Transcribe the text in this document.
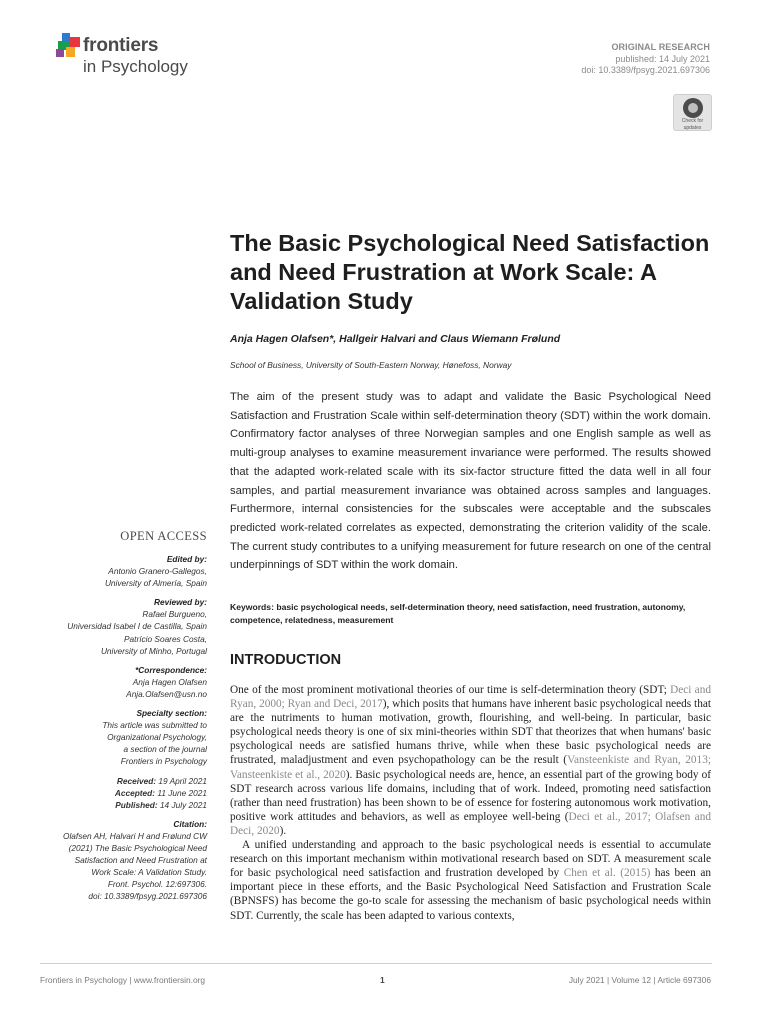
frontiers
in Psychology
ORIGINAL RESEARCH
published: 14 July 2021
doi: 10.3389/fpsyg.2021.697306
Check for
updates
The Basic Psychological Need Satisfaction and Need Frustration at Work Scale: A Validation Study
Anja Hagen Olafsen*, Hallgeir Halvari and Claus Wiemann Frølund
School of Business, University of South-Eastern Norway, Hønefoss, Norway
The aim of the present study was to adapt and validate the Basic Psychological Need Satisfaction and Frustration Scale within self-determination theory (SDT) within the work domain. Confirmatory factor analyses of three Norwegian samples and one English sample as well as multi-group analyses to examine measurement invariance were performed. The results showed that the adapted work-related scale with its six-factor structure fitted the data well in all four samples, and partial measurement invariance was obtained across samples and languages. Furthermore, internal consistencies for the subscales were acceptable and the subscales predicted work-related correlates as expected, demonstrating the criterion validity of the scale. The current study contributes to a unifying measurement for future research on one of the central underpinnings of SDT within the work domain.
Keywords: basic psychological needs, self-determination theory, need satisfaction, need frustration, autonomy, competence, relatedness, measurement
OPEN ACCESS
Edited by:
Antonio Granero-Gallegos,
University of Almería, Spain
Reviewed by:
Rafael Burgueno,
Universidad Isabel I de Castilla, Spain
Patrício Soares Costa,
University of Minho, Portugal
*Correspondence:
Anja Hagen Olafsen
Anja.Olafsen@usn.no
Specialty section:
This article was submitted to
Organizational Psychology,
a section of the journal
Frontiers in Psychology
Received: 19 April 2021
Accepted: 11 June 2021
Published: 14 July 2021
Citation:
Olafsen AH, Halvari H and Frølund CW
(2021) The Basic Psychological Need
Satisfaction and Need Frustration at
Work Scale: A Validation Study.
Front. Psychol. 12:697306.
doi: 10.3389/fpsyg.2021.697306
INTRODUCTION

One of the most prominent motivational theories of our time is self-determination theory (SDT; Deci and Ryan, 2000; Ryan and Deci, 2017), which posits that humans have inherent basic psychological needs that are the nutriments to human motivation, growth, flourishing, and well-being. In particular, basic psychological needs theory is one of six mini-theories within SDT that theorizes that when humans' basic psychological needs are satisfied humans thrive, while when these basic psychological needs are frustrated, maladjustment and even psychopathology can be the result (Vansteenkiste and Ryan, 2013; Vansteenkiste et al., 2020). Basic psychological needs are, hence, an essential part of the growing body of SDT research across various life domains, including that of work. Indeed, promoting need satisfaction (rather than need frustration) has been shown to be of essence for fostering autonomous work motivation, positive work attitudes and behaviors, as well as employee well-being (Deci et al., 2017; Olafsen and Deci, 2020).

A unified understanding and approach to the basic psychological needs is essential to accumulate research on this important mechanism within motivational research based on SDT. A measurement scale for basic psychological need satisfaction and frustration developed by Chen et al. (2015) has been an important piece in these efforts, and the Basic Psychological Need Satisfaction and Frustration Scale (BPNSFS) has become the go-to scale for assessing the mechanism of basic psychological needs within SDT. Currently, the scale has been adapted to various contexts,

Frontiers in Psychology | www.frontiersin.org	1	July 2021 | Volume 12 | Article 697306
